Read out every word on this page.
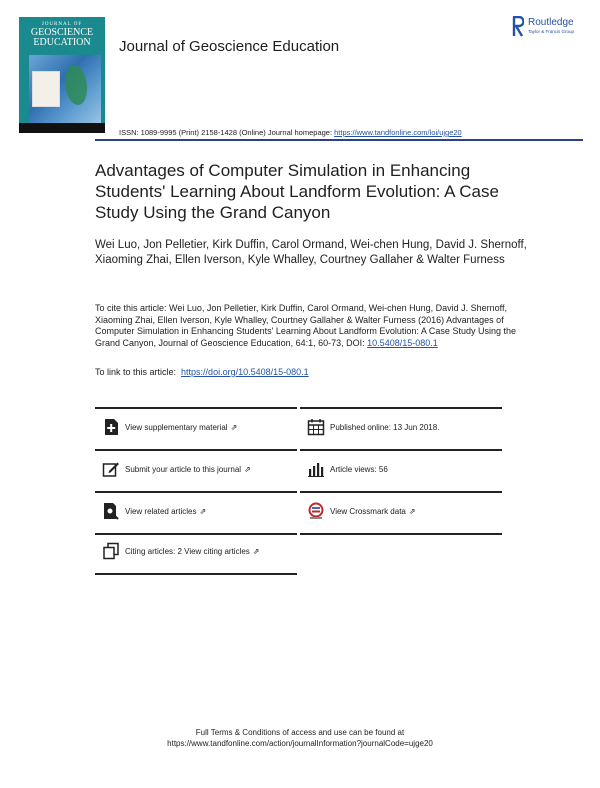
JOURNAL OF
GEOSCIENCE
EDUCATION	Journal of Geoscience Education
Routledge
Taylor & Francis Group
ISSN: 1089-9995 (Print) 2158-1428 (Online) Journal homepage: https://www.tandfonline.com/loi/ujge20
Advantages of Computer Simulation in Enhancing Students' Learning About Landform Evolution: A Case Study Using the Grand Canyon
Wei Luo, Jon Pelletier, Kirk Duffin, Carol Ormand, Wei-chen Hung, David J. Shernoff, Xiaoming Zhai, Ellen Iverson, Kyle Whalley, Courtney Gallaher & Walter Furness
To cite this article: Wei Luo, Jon Pelletier, Kirk Duffin, Carol Ormand, Wei-chen Hung, David J. Shernoff, Xiaoming Zhai, Ellen Iverson, Kyle Whalley, Courtney Gallaher & Walter Furness (2016) Advantages of Computer Simulation in Enhancing Students' Learning About Landform Evolution: A Case Study Using the Grand Canyon, Journal of Geoscience Education, 64:1, 60-73, DOI: 10.5408/15-080.1
To link to this article:  https://doi.org/10.5408/15-080.1
View supplementary material ⇗	Published online: 13 Jun 2018.
Submit your article to this journal ⇗	Article views: 56
View related articles ⇗	View Crossmark data ⇗
Citing articles: 2 View citing articles ⇗
Full Terms & Conditions of access and use can be found at
https://www.tandfonline.com/action/journalInformation?journalCode=ujge20
